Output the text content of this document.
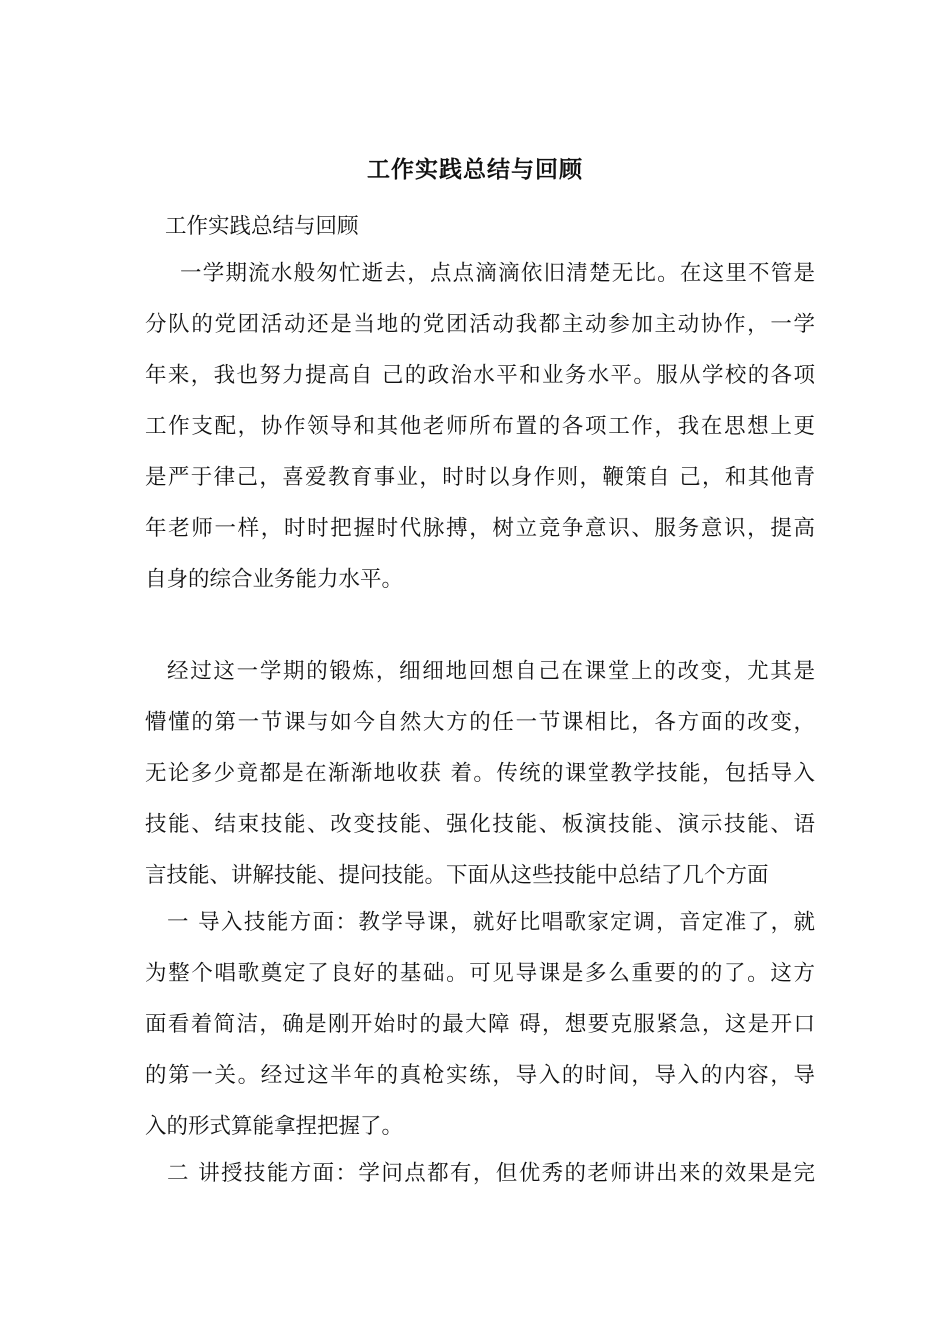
工作实践总结与回顾
工作实践总结与回顾
一学期流水般匆忙逝去，点点滴滴依旧清楚无比。在这里不管是
分队的党团活动还是当地的党团活动我都主动参加主动协作，一学
年来，我也努力提高自 己的政治水平和业务水平。服从学校的各项
工作支配，协作领导和其他老师所布置的各项工作，我在思想上更
是严于律己，喜爱教育事业，时时以身作则，鞭策自 己，和其他青
年老师一样，时时把握时代脉搏，树立竞争意识、服务意识，提高
自身的综合业务能力水平。
经过这一学期的锻炼，细细地回想自己在课堂上的改变，尤其是
懵懂的第一节课与如今自然大方的任一节课相比，各方面的改变，
无论多少竟都是在渐渐地收获 着。传统的课堂教学技能，包括导入
技能、结束技能、改变技能、强化技能、板演技能、演示技能、语
言技能、讲解技能、提问技能。下面从这些技能中总结了几个方面
一 导入技能方面：教学导课，就好比唱歌家定调，音定准了，就
为整个唱歌奠定了良好的基础。可见导课是多么重要的的了。这方
面看着简洁，确是刚开始时的最大障 碍，想要克服紧急，这是开口
的第一关。经过这半年的真枪实练，导入的时间，导入的内容，导
入的形式算能拿捏把握了。
二 讲授技能方面：学问点都有，但优秀的老师讲出来的效果是完
